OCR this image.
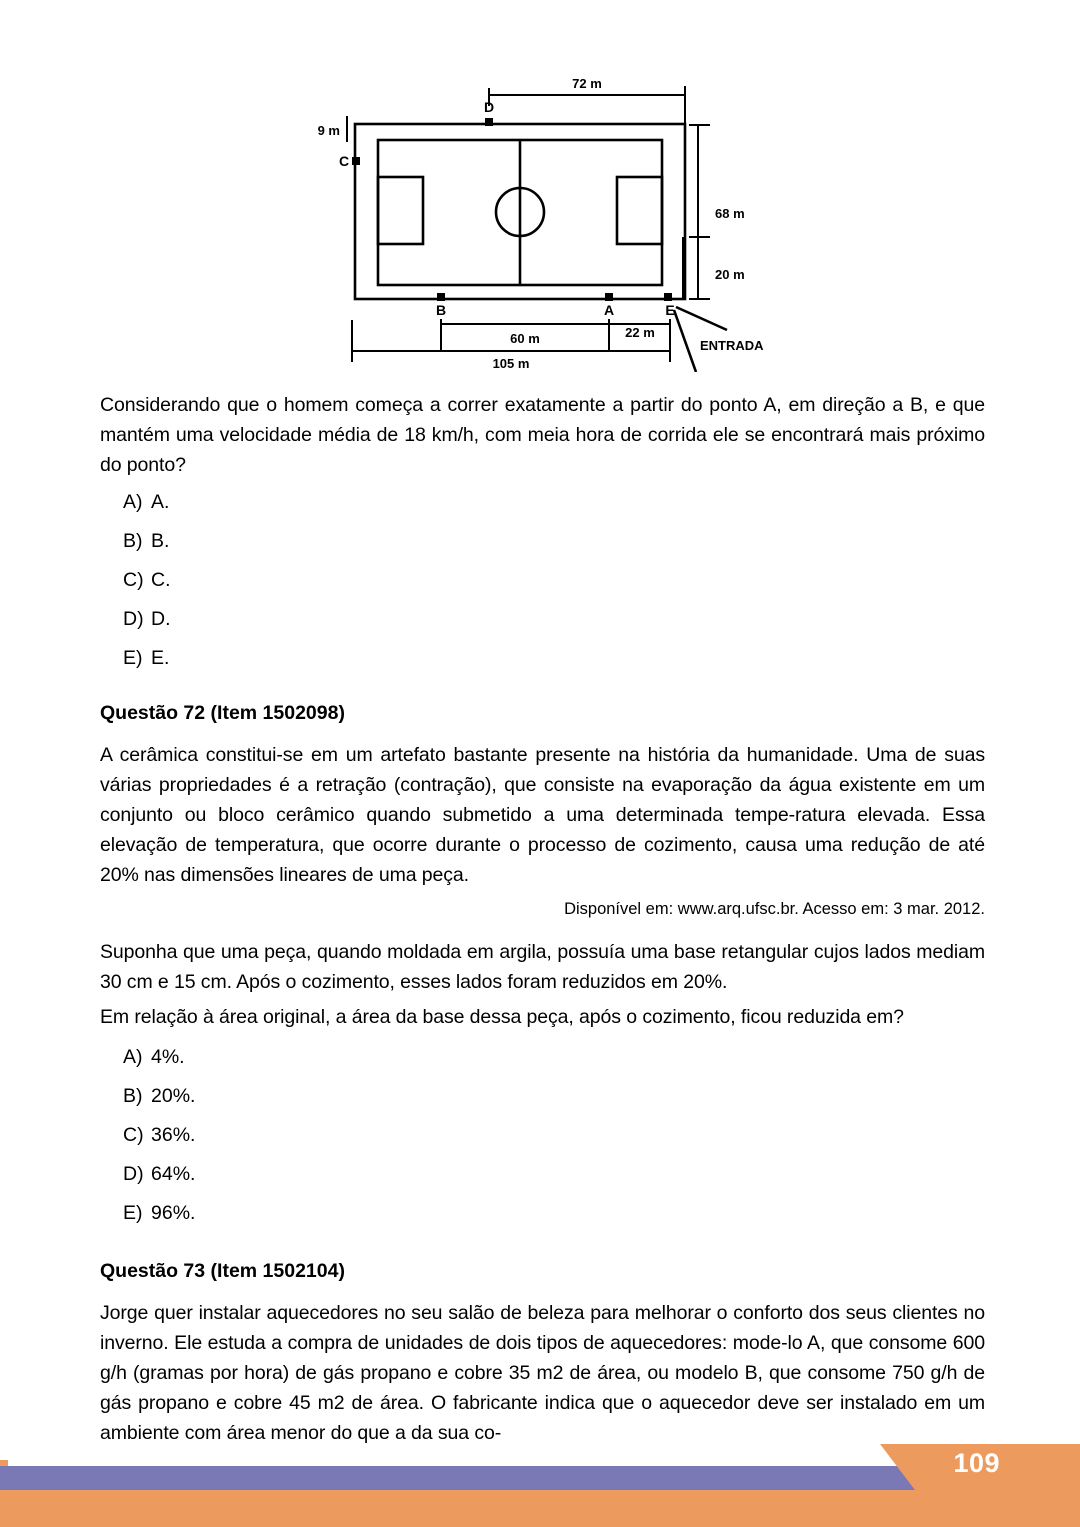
72 m
9 m
D
C
B	A	E
68 m
20 m
60 m	22 m
105 m
ENTRADA

Considerando que o homem começa a correr exatamente a partir do ponto A, em direção a B, e que mantém uma velocidade média de 18 km/h, com meia hora de corrida ele se encontrará mais próximo do ponto?

A) A.
B) B.
C) C.
D) D.
E) E.
Questão 72 (Item 1502098)

A cerâmica constitui-se em um artefato bastante presente na história da humanidade. Uma de suas várias propriedades é a retração (contração), que consiste na evaporação da água existente em um conjunto ou bloco cerâmico quando submetido a uma determinada tempe-ratura elevada. Essa elevação de temperatura, que ocorre durante o processo de cozimento, causa uma redução de até 20% nas dimensões lineares de uma peça.

Disponível em: www.arq.ufsc.br. Acesso em: 3 mar. 2012.

Suponha que uma peça, quando moldada em argila, possuía uma base retangular cujos lados mediam 30 cm e 15 cm. Após o cozimento, esses lados foram reduzidos em 20%.

Em relação à área original, a área da base dessa peça, após o cozimento, ficou reduzida em?

A) 4%.
B) 20%.
C) 36%.
D) 64%.
E) 96%.
Questão 73 (Item 1502104)

Jorge quer instalar aquecedores no seu salão de beleza para melhorar o conforto dos seus clientes no inverno. Ele estuda a compra de unidades de dois tipos de aquecedores: mode-lo A, que consome 600 g/h (gramas por hora) de gás propano e cobre 35 m2 de área, ou modelo B, que consome 750 g/h de gás propano e cobre 45 m2 de área. O fabricante indica que o aquecedor deve ser instalado em um ambiente com área menor do que a da sua co-

109
